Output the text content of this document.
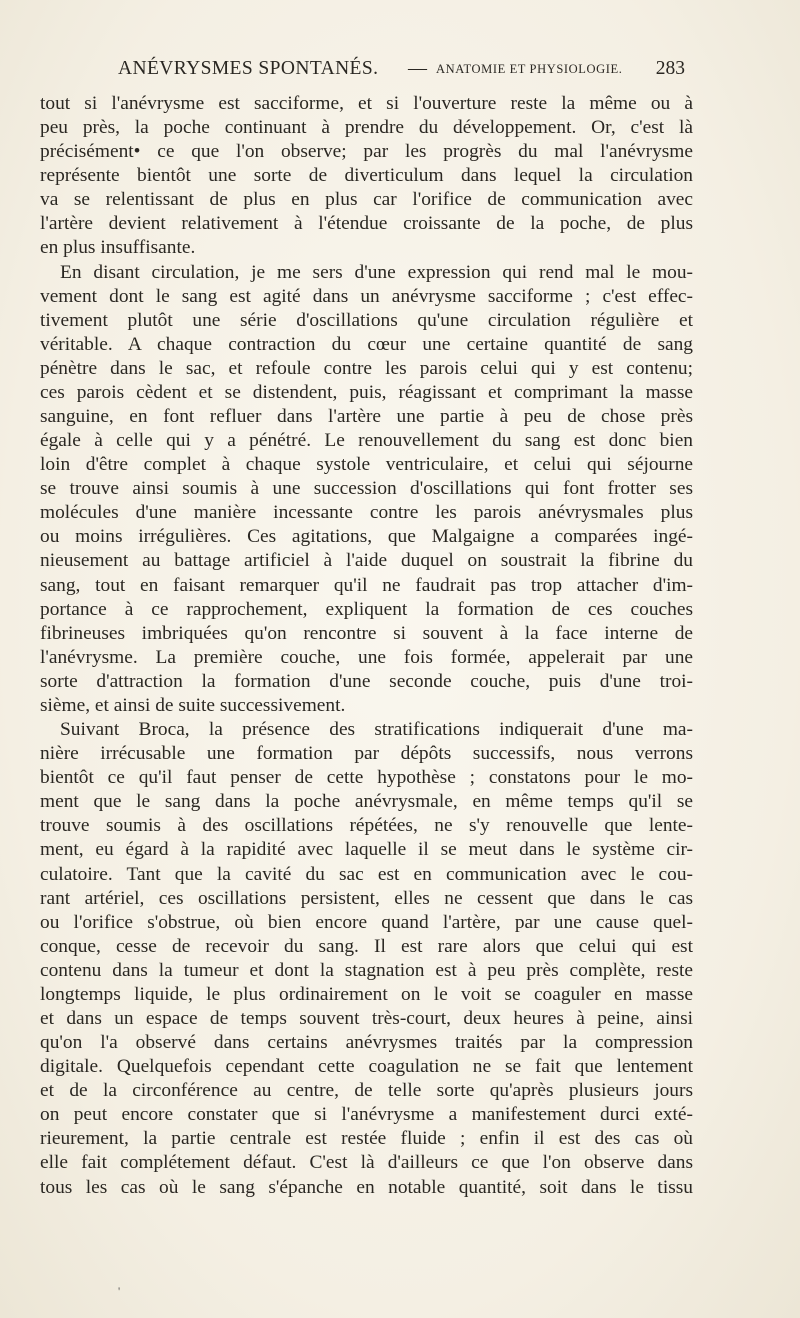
ANÉVRYSMES SPONTANÉS. — ANATOMIE ET PHYSIOLOGIE. 283
tout si l'anévrysme est sacciforme, et si l'ouverture reste la même ou à
peu près, la poche continuant à prendre du développement. Or, c'est là
précisément• ce que l'on observe; par les progrès du mal l'anévrysme
représente bientôt une sorte de diverticulum dans lequel la circulation
va se relentissant de plus en plus car l'orifice de communication avec
l'artère devient relativement à l'étendue croissante de la poche, de plus
en plus insuffisante.
En disant circulation, je me sers d'une expression qui rend mal le mou-
vement dont le sang est agité dans un anévrysme sacciforme ; c'est effec-
tivement plutôt une série d'oscillations qu'une circulation régulière et
véritable. A chaque contraction du cœur une certaine quantité de sang
pénètre dans le sac, et refoule contre les parois celui qui y est contenu;
ces parois cèdent et se distendent, puis, réagissant et comprimant la masse
sanguine, en font refluer dans l'artère une partie à peu de chose près
égale à celle qui y a pénétré. Le renouvellement du sang est donc bien
loin d'être complet à chaque systole ventriculaire, et celui qui séjourne
se trouve ainsi soumis à une succession d'oscillations qui font frotter ses
molécules d'une manière incessante contre les parois anévrysmales plus
ou moins irrégulières. Ces agitations, que Malgaigne a comparées ingé-
nieusement au battage artificiel à l'aide duquel on soustrait la fibrine du
sang, tout en faisant remarquer qu'il ne faudrait pas trop attacher d'im-
portance à ce rapprochement, expliquent la formation de ces couches
fibrineuses imbriquées qu'on rencontre si souvent à la face interne de
l'anévrysme. La première couche, une fois formée, appelerait par une
sorte d'attraction la formation d'une seconde couche, puis d'une troi-
sième, et ainsi de suite successivement.
Suivant Broca, la présence des stratifications indiquerait d'une ma-
nière irrécusable une formation par dépôts successifs, nous verrons
bientôt ce qu'il faut penser de cette hypothèse ; constatons pour le mo-
ment que le sang dans la poche anévrysmale, en même temps qu'il se
trouve soumis à des oscillations répétées, ne s'y renouvelle que lente-
ment, eu égard à la rapidité avec laquelle il se meut dans le système cir-
culatoire. Tant que la cavité du sac est en communication avec le cou-
rant artériel, ces oscillations persistent, elles ne cessent que dans le cas
ou l'orifice s'obstrue, où bien encore quand l'artère, par une cause quel-
conque, cesse de recevoir du sang. Il est rare alors que celui qui est
contenu dans la tumeur et dont la stagnation est à peu près complète, reste
longtemps liquide, le plus ordinairement on le voit se coaguler en masse
et dans un espace de temps souvent très-court, deux heures à peine, ainsi
qu'on l'a observé dans certains anévrysmes traités par la compression
digitale. Quelquefois cependant cette coagulation ne se fait que lentement
et de la circonférence au centre, de telle sorte qu'après plusieurs jours
on peut encore constater que si l'anévrysme a manifestement durci exté-
rieurement, la partie centrale est restée fluide ; enfin il est des cas où
elle fait complétement défaut. C'est là d'ailleurs ce que l'on observe dans
tous les cas où le sang s'épanche en notable quantité, soit dans le tissu
'
